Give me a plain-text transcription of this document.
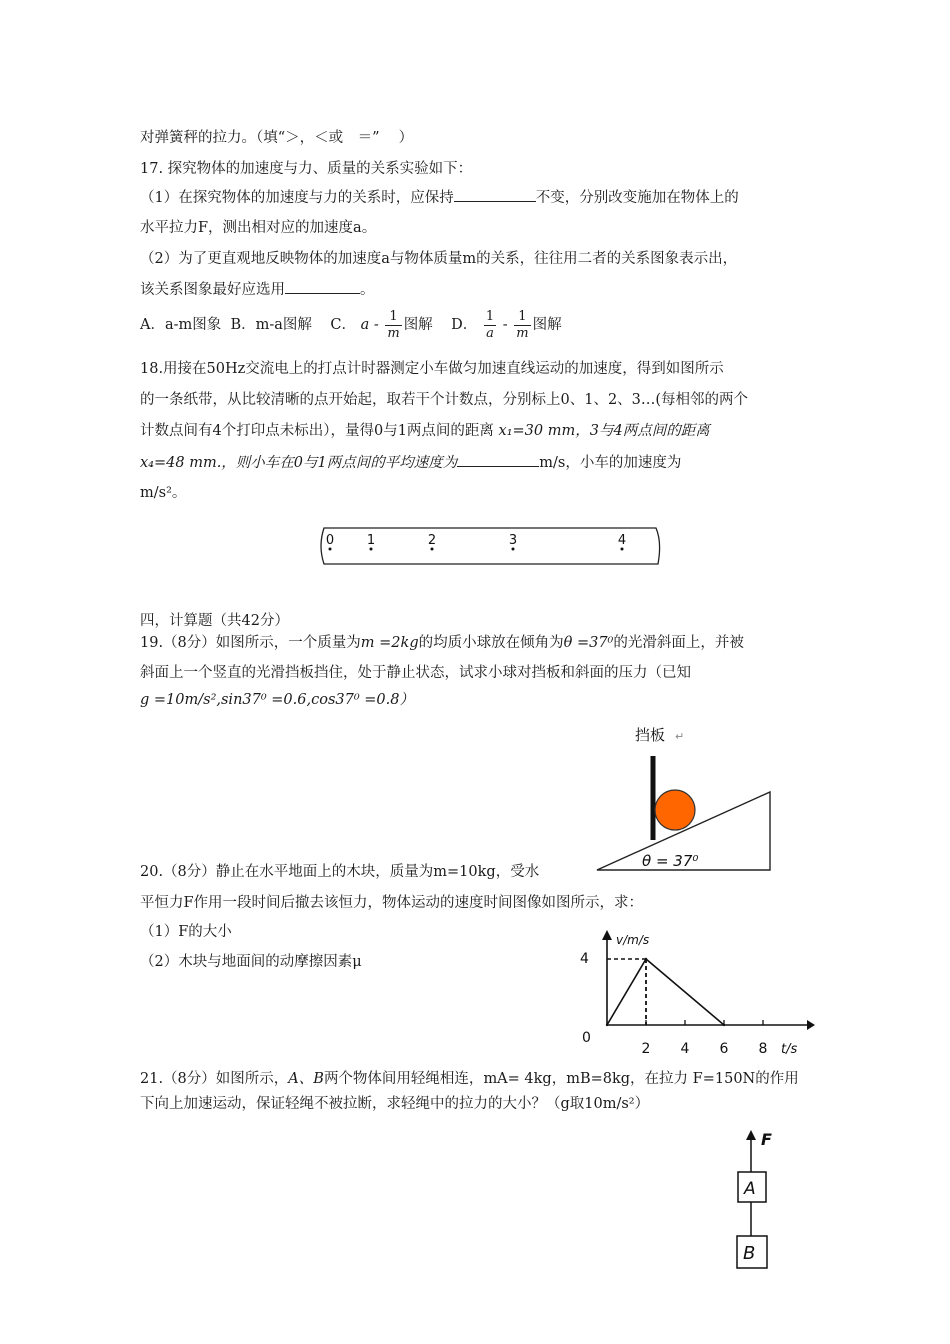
对弹簧秤的拉力。（填“＞，＜或　＝”　 ）
17. 探究物体的加速度与力、质量的关系实验如下：
（1）在探究物体的加速度与力的关系时，应保持	不变，分别改变施加在物体上的
水平拉力F，测出相对应的加速度a。
（2）为了更直观地反映物体的加速度a与物体质量m的关系，往往用二者的关系图象表示出，
该关系图象最好应选用	。
A．a-m图象 B．m-a图解 C． a - $\frac{1}{m}$ 图解 D． $\frac{1}{a} - \frac{1}{m}$ 图解
18.用接在50Hz交流电上的打点计时器测定小车做匀加速直线运动的加速度，得到如图所示
的一条纸带，从比较清晰的点开始起，取若干个计数点，分别标上0、1、2、3…(每相邻的两个
计数点间有4个打印点未标出），量得0与1两点间的距离 x₁=30 mm，3与4两点间的距离
x₄=48 mm.，则小车在0与1两点间的平均速度为	m/s，小车的加速度为
m/s²。
0	1	2	3	4
四，计算题（共42分）
19.（8分）如图所示，一个质量为m =2kg的均质小球放在倾角为θ =37⁰的光滑斜面上，并被
斜面上一个竖直的光滑挡板挡住，处于静止状态，试求小球对挡板和斜面的压力（已知
g =10m/s²,sin37⁰ =0.6,cos37⁰ =0.8）
挡板 ↵
θ = 37⁰
20.（8分）静止在水平地面上的木块，质量为m=10kg，受水
平恒力F作用一段时间后撤去该恒力，物体运动的速度时间图像如图所示，求：
（1）F的大小
（2）木块与地面间的动摩擦因素μ
v/m/s
t/s
4
0
2 4 6 8
21.（8分）如图所示，A、B两个物体间用轻绳相连，mA= 4kg，mB=8kg，在拉力 F=150N的作用
下向上加速运动，保证轻绳不被拉断，求轻绳中的拉力的大小？（g取10m/s²）
F
A
B
